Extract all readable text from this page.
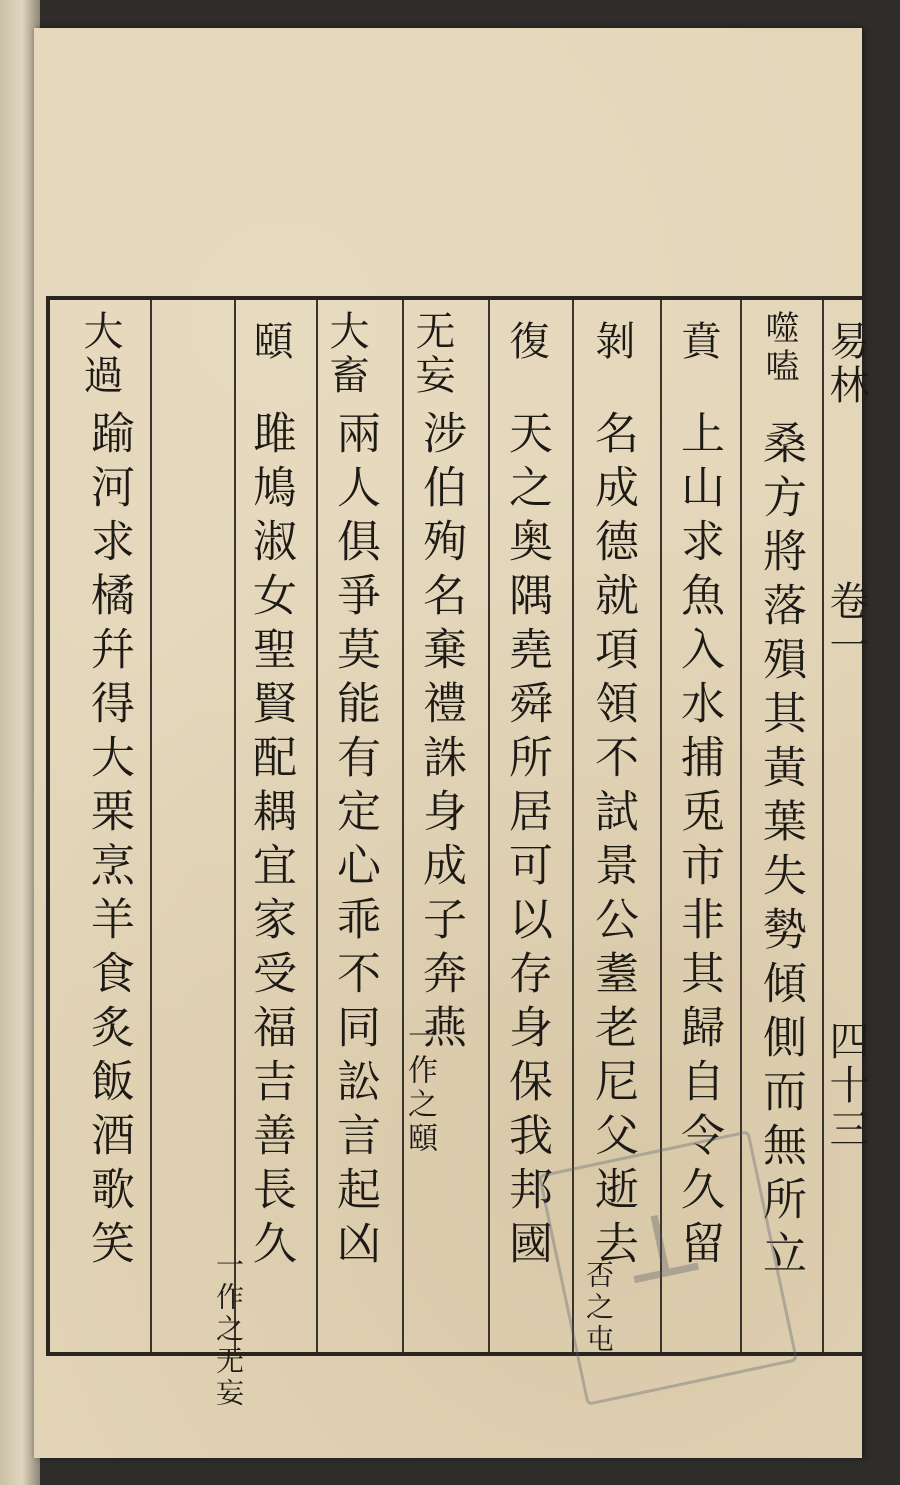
易林
卷一
四十三
噬嗑
桑方將落殞其黃葉失勢傾側而無所立
賁
上山求魚入水捕兎市非其歸自令久留
剝
名成德就項領不試景公耋老尼父逝去
否之屯
復
天之奥隅堯舜所居可以存身保我邦國
无妄
涉伯殉名棄禮誅身成子奔燕
一作之頤
大畜
兩人俱爭莫能有定心乖不同訟言起凶
頤
雎鳩淑女聖賢配耦宜家受福吉善長久
一作之无妄
大過
踰河求橘幷得大栗烹羊食炙飯酒歌笑	⊥
